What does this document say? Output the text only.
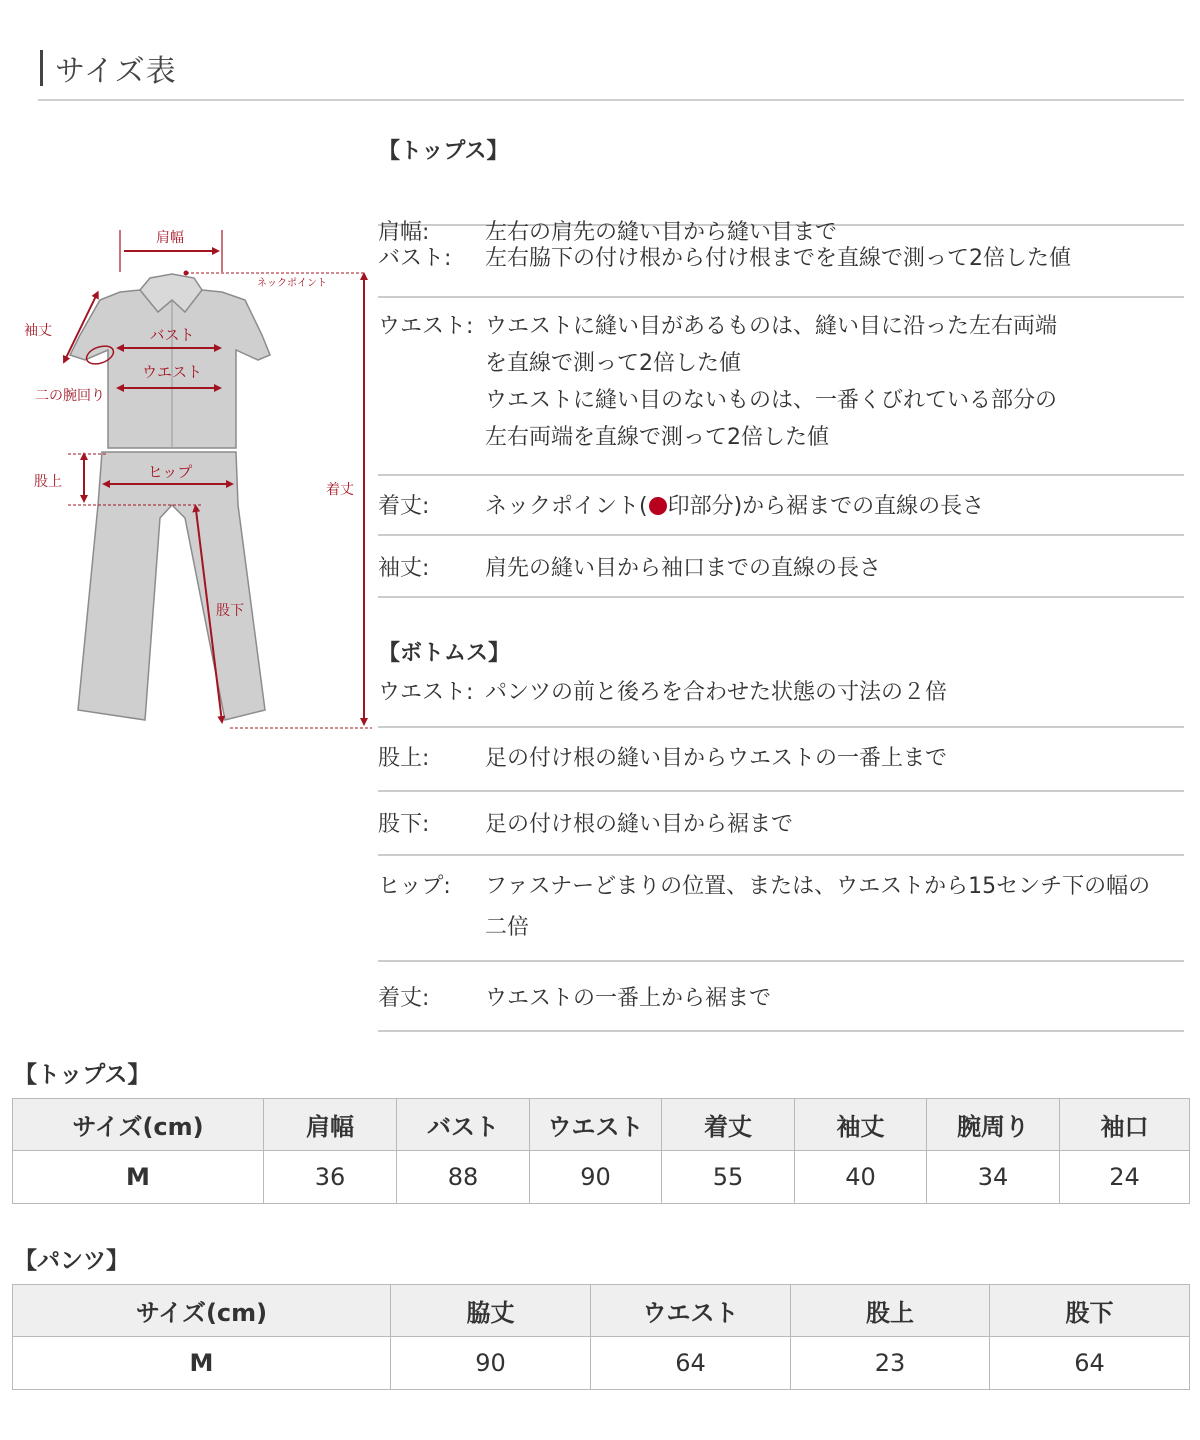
サイズ表
肩幅
ネックポイント
袖丈
二の腕回り
バスト
ウエスト
股上
ヒップ
股下
着丈
【トップス】
肩幅:	左右の肩先の縫い目から縫い目まで
バスト:	左右脇下の付け根から付け根までを直線で測って2倍した値
ウエスト: ウエストに縫い目があるものは、縫い目に沿った左右両端
を直線で測って2倍した値
ウエストに縫い目のないものは、一番くびれている部分の
左右両端を直線で測って2倍した値
着丈:	ネックポイント( 印部分)から裾までの直線の長さ
袖丈:	肩先の縫い目から袖口までの直線の長さ
【ボトムス】
ウエスト: パンツの前と後ろを合わせた状態の寸法の２倍
股上:	足の付け根の縫い目からウエストの一番上まで
股下:	足の付け根の縫い目から裾まで
ヒップ:	ファスナーどまりの位置、または、ウエストから15センチ下の幅の
二倍
着丈:	ウエストの一番上から裾まで
【トップス】
サイズ(cm)	肩幅	バスト	ウエスト	着丈	袖丈	腕周り	袖口
M	36	88	90	55	40	34	24
【パンツ】
サイズ(cm)	脇丈	ウエスト	股上	股下
M	90	64	23	64
